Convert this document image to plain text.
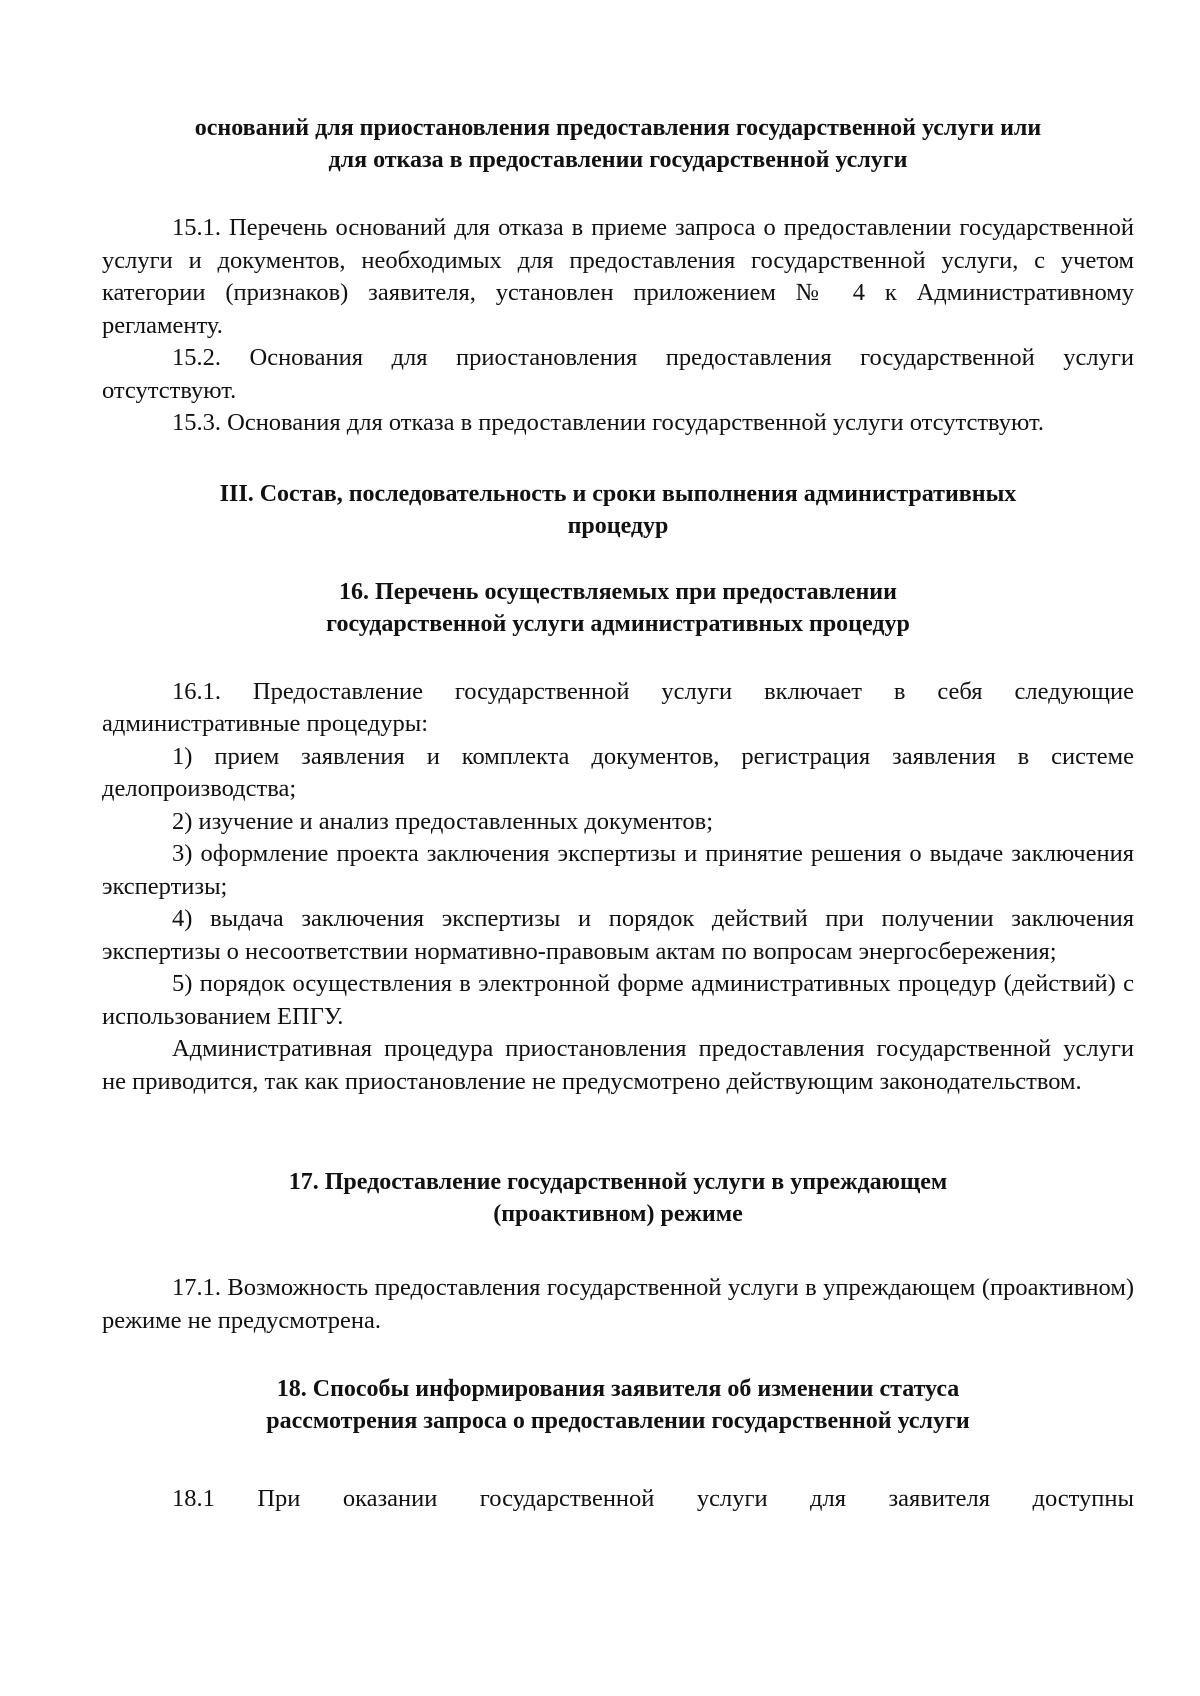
оснований для приостановления предоставления государственной услуги или
для отказа в предоставлении государственной услуги

15.1. Перечень оснований для отказа в приеме запроса о предоставлении государственной услуги и документов, необходимых для предоставления государственной услуги, с учетом категории (признаков) заявителя, установлен приложением № 4 к Административному регламенту.

15.2. Основания для приостановления предоставления государственной услуги отсутствуют.

15.3. Основания для отказа в предоставлении государственной услуги отсутствуют.

III. Состав, последовательность и сроки выполнения административных
процедур
16. Перечень осуществляемых при предоставлении
государственной услуги административных процедур

16.1. Предоставление государственной услуги включает в себя следующие административные процедуры:

1) прием заявления и комплекта документов, регистрация заявления в системе делопроизводства;

2) изучение и анализ предоставленных документов;

3) оформление проекта заключения экспертизы и принятие решения о выдаче заключения экспертизы;

4) выдача заключения экспертизы и порядок действий при получении заключения экспертизы о несоответствии нормативно-правовым актам по вопросам энергосбережения;

5) порядок осуществления в электронной форме административных процедур (действий) с использованием ЕПГУ.

Административная процедура приостановления предоставления государственной услуги не приводится, так как приостановление не предусмотрено действующим законодательством.

17. Предоставление государственной услуги в упреждающем
(проактивном) режиме

17.1. Возможность предоставления государственной услуги в упреждающем (проактивном) режиме не предусмотрена.

18. Способы информирования заявителя об изменении статуса
рассмотрения запроса о предоставлении государственной услуги

18.1 При оказании государственной услуги для заявителя доступны
